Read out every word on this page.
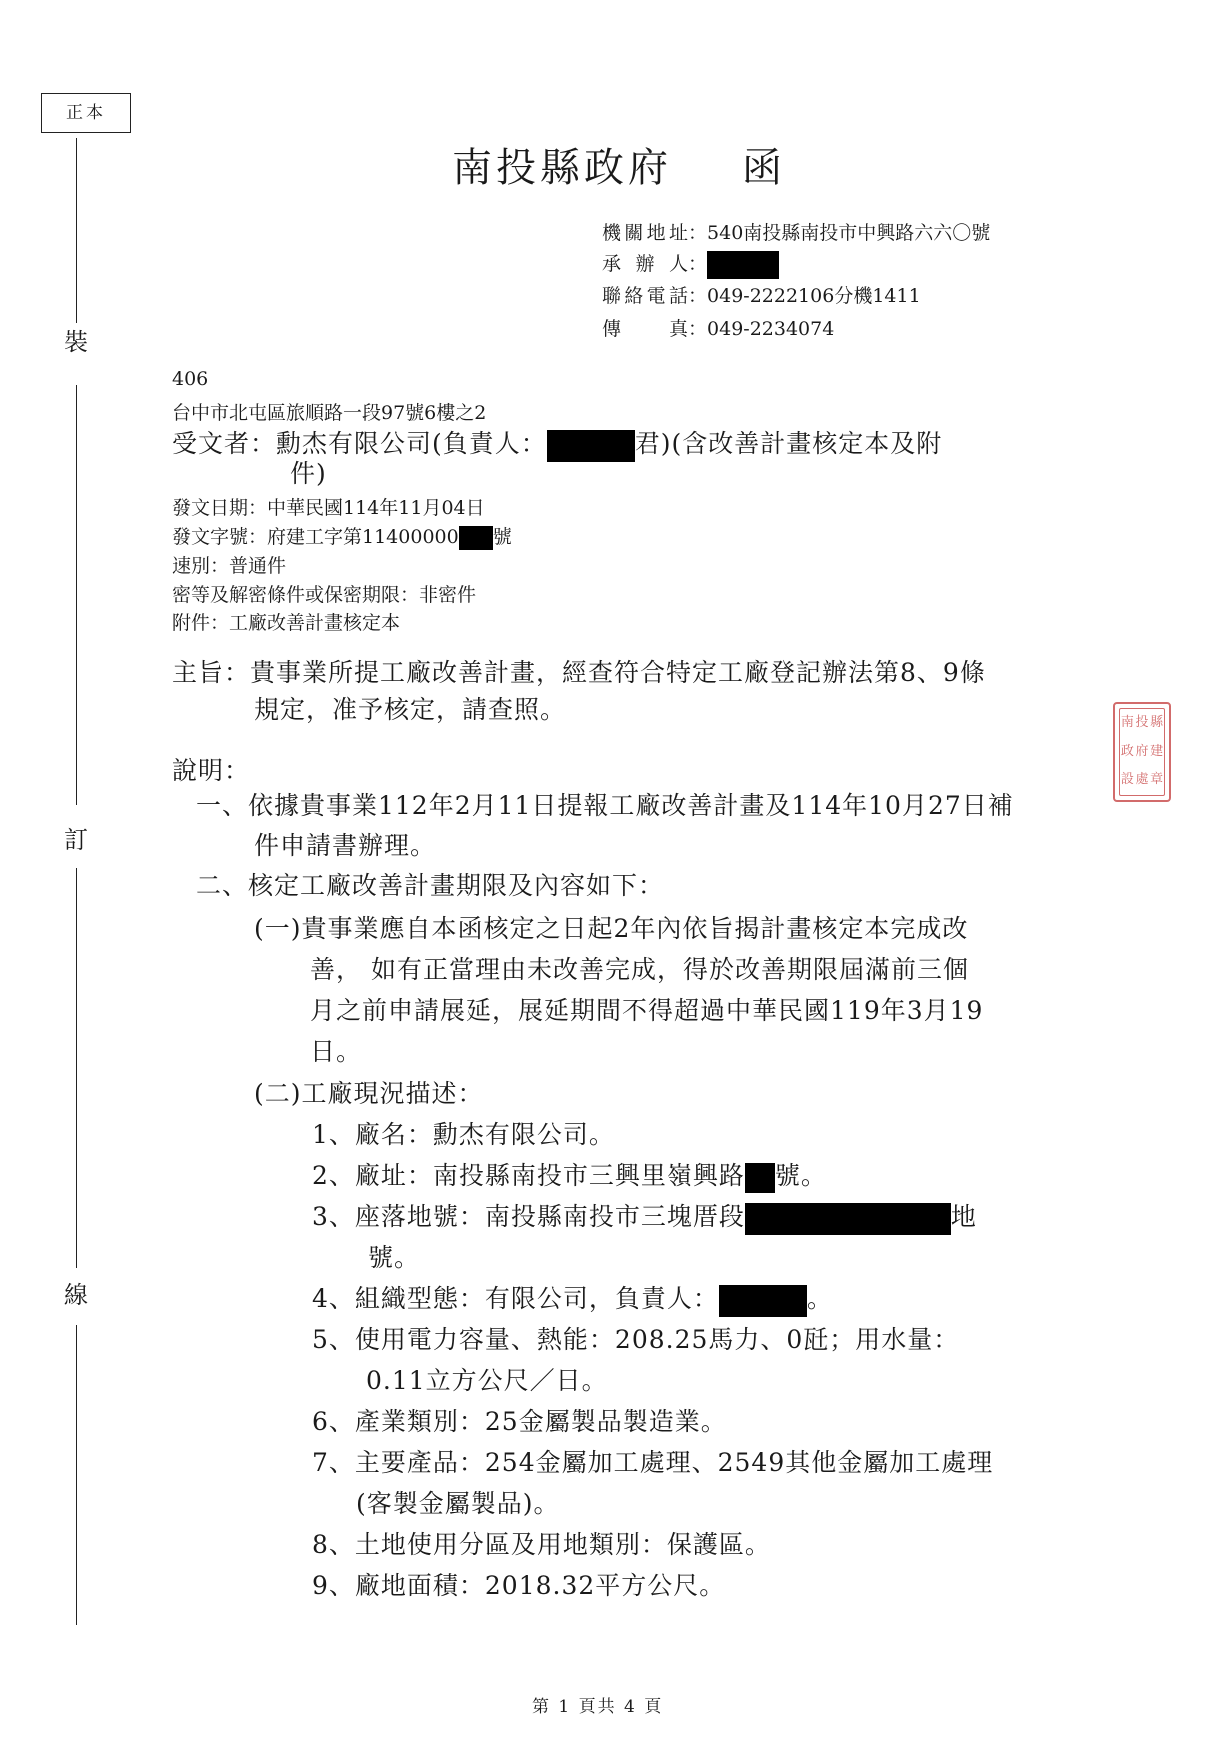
正本
裝
訂
線
南投縣政府 函
機關地址：540南投縣南投市中興路六六〇號
承 辦 人：
聯絡電話：049-2222106分機1411
傳　　真：049-2234074
406
台中市北屯區旅順路一段97號6樓之2
受文者：勳杰有限公司(負責人：	君)(含改善計畫核定本及附
件)
發文日期：中華民國114年11月04日
發文字號：府建工字第11400000 號
速別：普通件
密等及解密條件或保密期限：非密件
附件：工廠改善計畫核定本
主旨：貴事業所提工廠改善計畫，經查符合特定工廠登記辦法第8、9條
規定，准予核定，請查照。
說明：
一、依據貴事業112年2月11日提報工廠改善計畫及114年10月27日補
件申請書辦理。
二、核定工廠改善計畫期限及內容如下：
(一)貴事業應自本函核定之日起2年內依旨揭計畫核定本完成改
善， 如有正當理由未改善完成，得於改善期限屆滿前三個
月之前申請展延，展延期間不得超過中華民國119年3月19
日。
(二)工廠現況描述：
1、廠名：勳杰有限公司。
2、廠址：南投縣南投市三興里嶺興路 號。
3、座落地號：南投縣南投市三塊厝段	地
號。
4、組織型態：有限公司，負責人：	。
5、使用電力容量、熱能：208.25馬力、0瓩；用水量：
0.11立方公尺／日。
6、產業類別：25金屬製品製造業。
7、主要產品：254金屬加工處理、2549其他金屬加工處理
(客製金屬製品)。
8、土地使用分區及用地類別：保護區。
9、廠地面積：2018.32平方公尺。
南 投 縣
政 府 建
設 處 章
第 1 頁共 4 頁
